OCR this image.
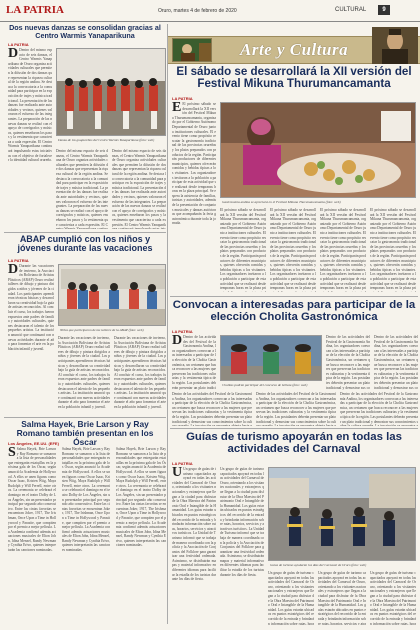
LA PATRIA	Oruro, martes 4 de febrero de 2020	CULTURAL	9
Dos nuevas danzas se consolidan gracias al Centro Warmis Yanaparikuna
LA PATRIA
D Dentro del mismo espacio de seis danzas, el Centro Warmis Yanaparikuna de Oruro organiza actividades culturales que permiten la difusión de dos danzas que representan la riqueza cultural de la región andina. Se destaca la convocatoria a la comunidad para participar en la exposición de trajes y música tradicional. La presentación de las danzas fue realizada ante autoridades y vecinos, quienes valoraron el esfuerzo de las integrantes. La preparación de las nuevas danzas se realizó con el apoyo de coreógrafos y músicos, quienes enseñaron los pasos y la vestimenta que caracteriza a cada expresión. El Centro Warmis Yanaparikuna continuará impulsando estas iniciativas con el objetivo de fortalecer la identidad cultural orureña.
Danza de los guapureños del Centro Warmis Yanaparikuna (foto: web)
Dentro del mismo espacio de seis danzas, el Centro Warmis Yanaparikuna de Oruro organiza actividades culturales que permiten la difusión de dos danzas que representan la riqueza cultural de la región andina. Se destaca la convocatoria a la comunidad para participar en la exposición de trajes y música tradicional. La presentación de las danzas fue realizada ante autoridades y vecinos, quienes valoraron el esfuerzo de las integrantes. La preparación de las nuevas danzas se realizó con el apoyo de coreógrafos y músicos, quienes enseñaron los pasos y la vestimenta que caracteriza a cada expresión. El C
Dentro del mismo espacio de seis danzas, el Centro Warmis Yanaparikuna de Oruro organiza actividades culturales que permiten la difusión de dos danzas que representan la riqueza cultural de la región andina. Se destaca la convocatoria a la comunidad para participar en la exposición de trajes y música tradicional. La presentación de las danzas fue realizada ante autoridades y vecinos, quienes valoraron el esfuerzo de las integrantes. La preparación de las nuevas danzas se realizó con el apoyo de coreógrafos y músicos, quienes enseñaron los pasos y la vestimenta que caracteriza a cada expresión. El Centro Warmis Yanaparik
ABAP cumplió con los niños y jóvenes durante las vacaciones
LA PATRIA
D Durante las vacaciones de invierno, la Asociación Boliviana de Artistas Plásticos (ABAP) Oruro realizó talleres de dibujo y pintura dirigidos a niños y jóvenes de la ciudad. Los participantes aprendieron técnicas básicas y desarrollaron su creatividad bajo la guía de artistas reconocidos. Al concluir el curso, los trabajos fueron expuestos ante padres de familia y autoridades culturales, quienes destacaron el talento de los pequeños artistas. La institución anunció que continuará con nuevas actividades durante el año para fomentar el arte en la población infantil y juvenil.
Niños que participaron de las talleres de la ABAP (foto: web)
Durante las vacaciones de invierno, la Asociación Boliviana de Artistas Plásticos (ABAP) Oruro realizó talleres de dibujo y pintura dirigidos a niños y jóvenes de la ciudad. Los participantes aprendieron técnicas básicas y desarrollaron su creatividad bajo la guía de artistas reconocidos. Al concluir el curso, los trabajos fueron expuestos ante padres de familia y autoridades culturales, quienes destacaron el talento de los pequeños artistas. La institución anunció que continuará con nuevas actividades durante el año para fomentar el arte en la población infantil y juvenil.
Durante las vacaciones de invierno, la Asociación Boliviana de Artistas Plásticos (ABAP) Oruro realizó talleres de dibujo y pintura dirigidos a niños y jóvenes de la ciudad. Los participantes aprendieron técnicas básicas y desarrollaron su creatividad bajo la guía de artistas reconocidos. Al concluir el curso, los trabajos fueron expuestos ante padres de familia y autoridades culturales, quienes destacaron el talento de los pequeños artistas. La institución anunció que continuará con nuevas actividades durante el año para fomentar el arte en la población infantil y juvenil.
Salma Hayek, Brie Larson y Ray Romano también presentan en los Óscar
Los Ángeles, EE.UU. (EFE)
S Salma Hayek, Brie Larson y Ray Romano se sumaron a la lista de personalidades que entregarán estatuillas en la próxima gala de los Óscar, según anunció la Academia de Hollywood. A ellos se unen figuras como Oscar Isaac, Kristen Wiig, Maya Rudolph y Will Ferrell, entre otros. La ceremonia se celebrará el domingo en el teatro Dolby de Los Ángeles, sin un presentador principal por segundo año consecutivo. Entre las cintas favoritas se encuentran Joker, 1917, The Irishman, Once Upon a Time in Hollywood y Parasite, que compiten por el premio a mejor película. La Academia confirmó además actuaciones musicales de Elton John, Idina Menzel, Randy Newman y Cynthia Erivo, quienes interpretarán las canciones nominadas.
Salma Hayek, Brie Larson y Ray Romano se sumaron a la lista de personalidades que entregarán estatuillas en la próxima gala de los Óscar, según anunció la Academia de Hollywood. A ellos se unen figuras como Oscar Isaac, Kristen Wiig, Maya Rudolph y Will Ferrell, entre otros. La ceremonia se celebrará el domingo en el teatro Dolby de Los Ángeles, sin un presentador principal por segundo año consecutivo. Entre las cintas favoritas se encuentran Joker, 1917, The Irishman, Once Upon a Time in Hollywood y Parasite, que compiten por el premio a mejor película. La Academia confirmó además actuaciones musicales de Elton John, Idina Menzel, Randy Newman y Cynthia Erivo, quienes interpretarán las canciones nominadas.
Salma Hayek, Brie Larson y Ray Romano se sumaron a la lista de personalidades que entregarán estatuillas en la próxima gala de los Óscar, según anunció la Academia de Hollywood. A ellos se unen figuras como Oscar Isaac, Kristen Wiig, Maya Rudolph y Will Ferrell, entre otros. La ceremonia se celebrará el domingo en el teatro Dolby de Los Ángeles, sin un presentador principal por segundo año consecutivo. Entre las cintas favoritas se encuentran Joker, 1917, The Irishman, Once Upon a Time in Hollywood y Parasite, que compiten por el premio a mejor película. La Academia confirmó además actuaciones musicales de Elton John, Idina Menzel, Randy Newman y Cynthia Erivo, quienes interpretarán las canciones nominadas.
Arte y Cultura
El sábado se desarrollará la XII versión del Festival Mikuna Thurumancamanta
LA PATRIA
E El próximo sábado se desarrollará la XII versión del Festival Mikuna Thurumancamanta, organizado por el Gobierno Autónomo Departamental de Oruro junto a instituciones culturales. El evento tiene como propósito rescatar la gastronomía tradicional de las provincias orureñas y los platos preparados con productos de la región. Participarán productores de diferentes municipios, quienes ofrecerán comidas y bebidas típicas a los visitantes. Los organizadores invitaron a la población a participar de esta actividad que se realizará desde tempranas horas en la plaza principal. Se espera la asistencia de familias, turistas y autoridades, además de la presentación de conjuntos musicales y danzas autóctonas que acompañarán la feria gastronómica durante toda la jornada.
Gastronomía andina se apreciará en el Festival Mikuna Thurumancamanta (foto: web)
El próximo sábado se desarrollará la XII versión del Festival Mikuna Thurumancamanta, organizado por el Gobierno Autónomo Departamental de Oruro junto a instituciones culturales. El evento tiene como propósito rescatar la gastronomía tradicional de las provincias orureñas y los platos preparados con productos de la región. Participarán productores de diferentes municipios, quienes ofrecerán comidas y bebidas típicas a los visitantes. Los organizadores invitaron a la población a participar de esta actividad que se realizará desde tempranas horas en la plaza pri
El próximo sábado se desarrollará la XII versión del Festival Mikuna Thurumancamanta, organizado por el Gobierno Autónomo Departamental de Oruro junto a instituciones culturales. El evento tiene como propósito rescatar la gastronomía tradicional de las provincias orureñas y los platos preparados con productos de la región. Participarán productores de diferentes municipios, quienes ofrecerán comidas y bebidas típicas a los visitantes. Los organizadores invitaron a la población a participar de esta actividad que se realizará desde tempranas horas en la plaza pri
El próximo sábado se desarrollará la XII versión del Festival Mikuna Thurumancamanta, organizado por el Gobierno Autónomo Departamental de Oruro junto a instituciones culturales. El evento tiene como propósito rescatar la gastronomía tradicional de las provincias orureñas y los platos preparados con productos de la región. Participarán productores de diferentes municipios, quienes ofrecerán comidas y bebidas típicas a los visitantes. Los organizadores invitaron a la población a participar de esta actividad que se realizará desde tempranas horas en la plaza pri
El próximo sábado se desarrollará la XII versión del Festival Mikuna Thurumancamanta, organizado por el Gobierno Autónomo Departamental de Oruro junto a instituciones culturales. El evento tiene como propósito rescatar la gastronomía tradicional de las provincias orureñas y los platos preparados con productos de la región. Participarán productores de diferentes municipios, quienes ofrecerán comidas y bebidas típicas a los visitantes. Los organizadores invitaron a la población a participar de esta actividad que se realizará desde tempranas horas en la plaza pri
Convocan a interesadas para participar de la elección Cholita Gastronómica
LA PATRIA
D Dentro de las actividades del Festival de la Gastronomía Andina, los organizadores convocan a las interesadas a participar de la elección de la Cholita Gastronómica, un certamen que busca reconocer a las mujeres que preservan las tradiciones culinarias y la vestimenta típica de la región. Las postulantes deberán presentar un plato tradici
Cholitas podrán participar del concurso de belleza (foto: web)
Dentro de las actividades del Festival de la Gastronomía Andina, los organizadores convocan a las interesadas a participar de la elección de la Cholita Gastronómica, un certamen que busca reconocer a las mujeres que preservan las tradiciones culinarias y la vestimenta típica de la región. Las postulantes deberán presentar un plato tradicional y demostrar sus co
Dentro de las actividades del Festival de la Gastronomía Andina, los organizadores convocan a las interesadas a participar de la elección de la Cholita Gastronómica, un certamen que busca reconocer a las mujeres que preservan las tradiciones culinarias y la vestimenta típica de la región. Las postulantes deberán presentar un plato tradicional y demostrar sus co
Dentro de las actividades del Festival de la Gastronomía Andina, los organizadores convocan a las interesadas a participar de la elección de la Cholita Gastronómica, un certamen que busca reconocer a las mujeres que preservan las tradiciones culinarias y la vestimenta típica de la región. Las postulantes deberán presentar un plato tradicional y demostrar sus conocimientos sobre la cult
Dentro de las actividades del Festival de la Gastronomía Andina, los organizadores convocan a las interesadas a participar de la elección de la Cholita Gastronómica, un certamen que busca reconocer a las mujeres que preservan las tradiciones culinarias y la vestimenta típica de la región. Las postulantes deberán presentar un plato tradicional y demostrar sus conocimientos sobre la cult
Dentro de las actividades del Festival de la Gastronomía Andina, los organizadores convocan a las interesadas a participar de la elección de la Cholita Gastronómica, un certamen que busca reconocer a las mujeres que preservan las tradiciones culinarias y la vestimenta típica de la región. Las postulantes deberán presentar un plato tradicional y demostrar sus conocimientos s
Guías de turismo apoyarán en todas las actividades del Carnaval
LA PATRIA
U Un grupo de guías de turismo capacitados apoyará en todas las actividades del Carnaval de Oruro, orientando a los visitantes nacionales y extranjeros que llegan a la ciudad para disfrutar de la Obra Maestra del Patrimonio Oral e Intangible de la Humanidad. Los guías estarán ubicados en puntos estratégicos del recorrido de la entrada y brindarán información sobre rutas, horarios, servicios y atractivos turísticos. La Unidad de Turismo informó que se trabaja de manera coordinada con la policía y la Asociación de Conjuntos del Folklore para garantizar una festividad ordenada. Asimismo, se distribuirán mapas y material informativo en diferentes idiomas para facilitar la estadía de los turistas durante los días de fiesta.
Un grupo de guías de turismo capacitados apoyará en todas las actividades del Carnaval de Oruro, orientando a los visitantes nacionales y extranjeros que llegan a la ciudad para disfrutar de la Obra Maestra del Patrimonio Oral e Intangible de la Humanidad. Los guías estarán ubicados en puntos estratégicos del recorrido de la entrada y brindarán información sobre rutas, horarios, servicios y atractivos turísticos. La Unidad de Turismo informó que se trabaja de manera coordinada con la policía y la Asociación de Conjuntos del Folklore para garantizar una festividad ordenada. Asimismo, se distribuirán mapas y material informativo en diferentes idiomas para facilitar la estadía de los turistas durante los días de fiesta.
Guías de turismo ayudarán los días del Carnaval de Oruro (foto: web)
Un grupo de guías de turismo capacitados apoyará en todas las actividades del Carnaval de Oruro, orientando a los visitantes nacionales y extranjeros que llegan a la ciudad para disfrutar de la Obra Maestra del Patrimonio Oral e Intangible de la Humanidad. Los guías estarán ubicados en puntos estratégicos del recorrido de la entrada y brindarán información sobre rutas, hora
Un grupo de guías de turismo capacitados apoyará en todas las actividades del Carnaval de Oruro, orientando a los visitantes nacionales y extranjeros que llegan a la ciudad para disfrutar de la Obra Maestra del Patrimonio Oral e Intangible de la Humanidad. Los guías estarán ubicados en puntos estratégicos del recorrido de la entrada y brindarán información sobre rutas, horarios, servicios y atra
Un grupo de guías de turismo capacitados apoyará en todas las actividades del Carnaval de Oruro, orientando a los visitantes nacionales y extranjeros que llegan a la ciudad para disfrutar de la Obra Maestra del Patrimonio Oral e Intangible de la Humanidad. Los guías estarán ubicados en puntos estratégicos del recorrido de la entrada y brindarán información sobre rutas, hora
